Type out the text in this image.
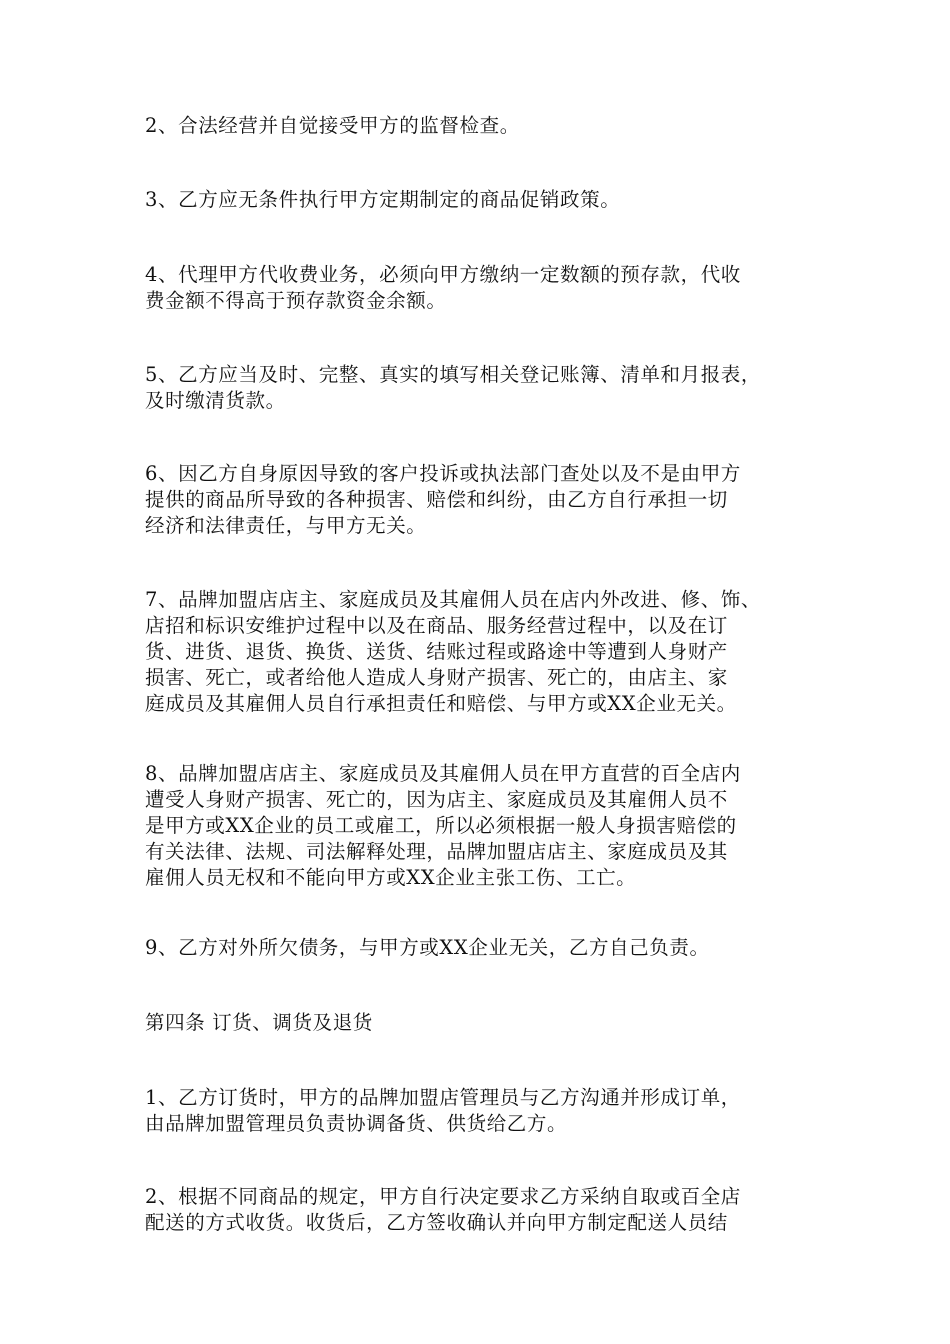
2、合法经营并自觉接受甲方的监督检查。

3、乙方应无条件执行甲方定期制定的商品促销政策。

4、代理甲方代收费业务，必须向甲方缴纳一定数额的预存款，代收
费金额不得高于预存款资金余额。

5、乙方应当及时、完整、真实的填写相关登记账簿、清单和月报表，
及时缴清货款。

6、因乙方自身原因导致的客户投诉或执法部门查处以及不是由甲方
提供的商品所导致的各种损害、赔偿和纠纷，由乙方自行承担一切
经济和法律责任，与甲方无关。

7、品牌加盟店店主、家庭成员及其雇佣人员在店内外改进、修、饰、
店招和标识安维护过程中以及在商品、服务经营过程中，以及在订
货、进货、退货、换货、送货、结账过程或路途中等遭到人身财产
损害、死亡，或者给他人造成人身财产损害、死亡的，由店主、家
庭成员及其雇佣人员自行承担责任和赔偿、与甲方或XX企业无关。

8、品牌加盟店店主、家庭成员及其雇佣人员在甲方直营的百全店内
遭受人身财产损害、死亡的，因为店主、家庭成员及其雇佣人员不
是甲方或XX企业的员工或雇工，所以必须根据一般人身损害赔偿的
有关法律、法规、司法解释处理，品牌加盟店店主、家庭成员及其
雇佣人员无权和不能向甲方或XX企业主张工伤、工亡。

9、乙方对外所欠债务，与甲方或XX企业无关，乙方自己负责。

第四条 订货、调货及退货

1、乙方订货时，甲方的品牌加盟店管理员与乙方沟通并形成订单，
由品牌加盟管理员负责协调备货、供货给乙方。

2、根据不同商品的规定，甲方自行决定要求乙方采纳自取或百全店
配送的方式收货。收货后，乙方签收确认并向甲方制定配送人员结
